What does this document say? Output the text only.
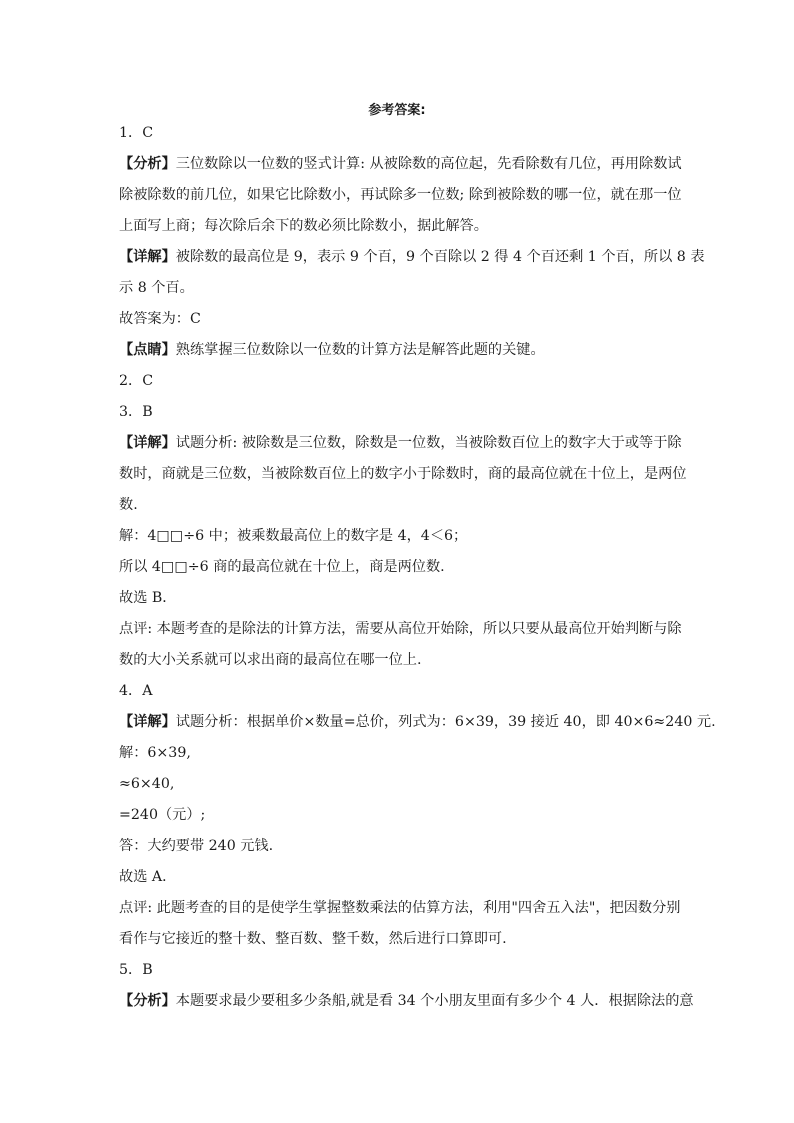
参考答案:
1．C
【分析】三位数除以一位数的竖式计算: 从被除数的高位起，先看除数有几位，再用除数试
除被除数的前几位，如果它比除数小，再试除多一位数; 除到被除数的哪一位，就在那一位
上面写上商；每次除后余下的数必须比除数小，据此解答。
【详解】被除数的最高位是 9，表示 9 个百，9 个百除以 2 得 4 个百还剩 1 个百，所以 8 表
示 8 个百。
故答案为：C
【点睛】熟练掌握三位数除以一位数的计算方法是解答此题的关键。
2．C
3．B
【详解】试题分析: 被除数是三位数，除数是一位数，当被除数百位上的数字大于或等于除
数时，商就是三位数，当被除数百位上的数字小于除数时，商的最高位就在十位上，是两位
数.
解：4□□÷6 中；被乘数最高位上的数字是 4，4＜6；
所以 4□□÷6 商的最高位就在十位上，商是两位数.
故选 B．
点评: 本题考查的是除法的计算方法，需要从高位开始除，所以只要从最高位开始判断与除
数的大小关系就可以求出商的最高位在哪一位上.
4．A
【详解】试题分析：根据单价×数量=总价，列式为：6×39，39 接近 40，即 40×6≈240 元.
解：6×39,
≈6×40,
=240（元）;
答：大约要带 240 元钱.
故选 A．
点评: 此题考查的目的是使学生掌握整数乘法的估算方法，利用"四舍五入法"，把因数分别
看作与它接近的整十数、整百数、整千数，然后进行口算即可.
5．B
【分析】本题要求最少要租多少条船,就是看 34 个小朋友里面有多少个 4 人．根据除法的意
